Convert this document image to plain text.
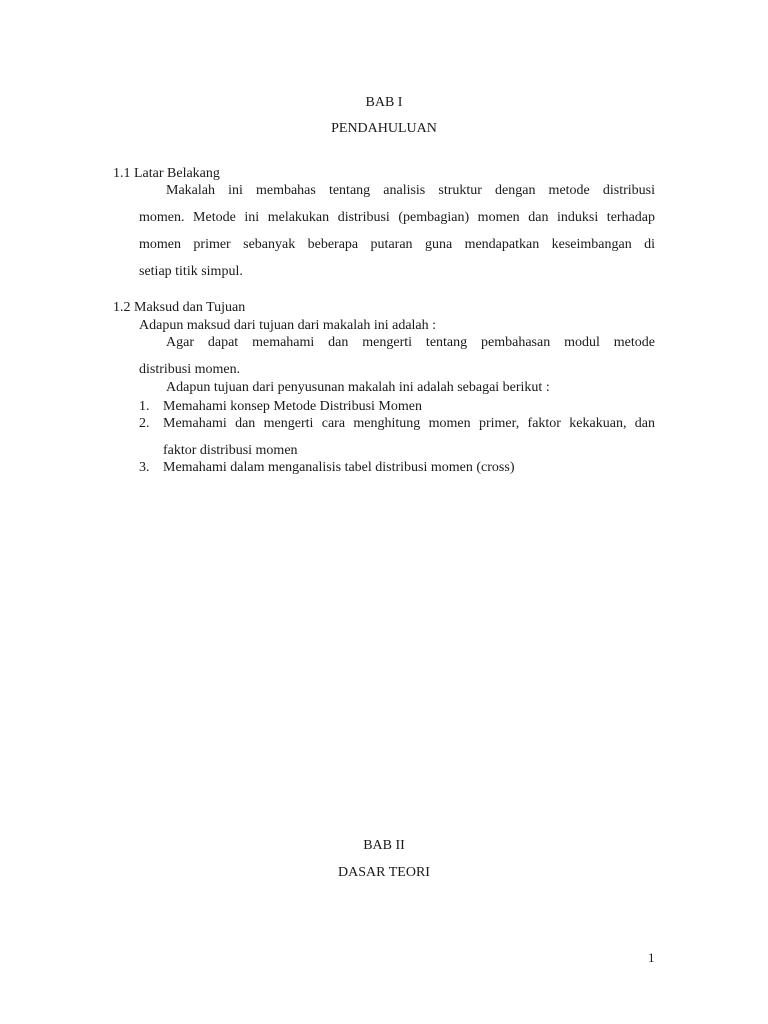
BAB I
PENDAHULUAN
1.1 Latar Belakang
Makalah ini membahas tentang analisis struktur dengan metode distribusi
momen. Metode ini melakukan distribusi (pembagian) momen dan induksi terhadap
momen primer sebanyak beberapa putaran guna mendapatkan keseimbangan di
setiap titik simpul.
1.2 Maksud dan Tujuan
Adapun maksud dari tujuan dari makalah ini adalah :
Agar dapat memahami dan mengerti tentang pembahasan modul metode
distribusi momen.
Adapun tujuan dari penyusunan makalah ini adalah sebagai berikut :
1. Memahami konsep Metode Distribusi Momen
2. Memahami dan mengerti cara menghitung momen primer, faktor kekakuan, dan
faktor distribusi momen
3. Memahami dalam menganalisis tabel distribusi momen (cross)
BAB II
DASAR TEORI
1
